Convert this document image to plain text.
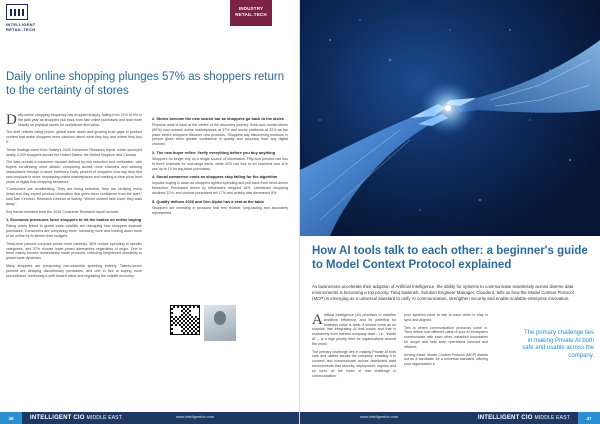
INTELLIGENT
RETAIL.TECH
INDUSTRY
RETAIL.TECH
Daily online shopping plunges 57% as shoppers return to the certainty of stores

Daily online shopping frequency has dropped sharply, falling from 21% to 9% in the past year as shoppers pull back from fast online purchases and lean more heavily on physical stores for confidence and value.

The shift reflects rising prices, global trade strain and growing trust gaps in product content that make shoppers more cautious about what they buy and where they buy it.

These findings come from Salsify's 2026 Consumer Research report, which surveyed nearly 3,000 shoppers across the United States, the United Kingdom and Canada.

The data reveals a consumer mindset defined by risk reduction and verification, with buyers scrutinising more details, comparing across more channels and seeking reassurance through in-store inventory. Daily percent of shoppers now say they find new products in store, surpassing online marketplaces and marking a clear pivot from years of digital-first shopping behaviour.

"Consumers are recalibrating. They are being selective, they are verifying every detail and they expect product information that gives them confidence from the start," said Dan Kemmin, Research Director at Salsify. "Where content falls short, they walk away."

Key trends revealed from the 2026 Consumer Research report include:

1. Economic pressures force shoppers to hit the brakes on online buying

Rising prices linked to global trade volatility are reshaping how shoppers evaluate purchases. Consumers are comparing more, browsing more and holding down more of an online try to stretch their budgets.

Thirty-nine percent compare prices more carefully, 38% reduce spending in specific categories, and 37% choose lower-priced alternatives regardless of origin. One in three mainly browse domestically made products, reflecting heightened sensitivity to global trade dynamics.

Many shoppers are postponing non-essential spending entirely. Twenty-seven percent are delaying discretionary purchases, and one in five is buying more secondhand, reinforcing a shift toward value and regulating the volatile economy.

2. Stores become the new search bar as shoppers go back to the aisles

Physical retail is back at the centre of the discovery journey. Brick-and-mortar stores (60%) now outrank online marketplaces at 37% and social platforms at 32% as the place where shoppers discover new products. Shoppers say discovering products in person gives them greater confidence in quality and accuracy than any digital channel.

3. The new buyer reflex: Verify everything before you buy anything

Shoppers no longer rely on a single source of information. Fifty-four percent use two to three channels for mid-range items, while 32% use four to six channels and 11% use up to 10 for big-ticket purchases.

4. Social commerce cools as shoppers stop falling for the algorithm

Impulse buying is down as shoppers tighten spending and pull back from trend-driven behaviour. Purchases driven by influencers dropped 18%. Livestream shopping declined 12%, and product purchases fell 17% and activity was decreased 8%.

5. Quality defines 2026 and Gen Alpha has a seat at the table

Shoppers are investing in products that feel reliable, long-lasting and accurately represented.

46	INTELLIGENT CIO MIDDLE EAST	www.intelligentcio.com
How AI tools talk to each other: a beginner's guide to Model Context Protocol explained

As businesses accelerate their adoption of Artificial Intelligence, the ability for systems to communicate seamlessly across diverse data environments is becoming a top priority. Tariq Salameh, Solution Engineer Manager, Cloudera, tells us how the Model Context Protocol (MCP) is emerging as a universal standard to unify AI communication, strengthen security and enable scalable enterprise innovation.

Artificial Intelligence (AI) promises to redefine workflow efficiency, and its potential for business value is clear. It should come as no surprise that integrating AI that works and that is exclusively from internal company data – i.e., 'inside AI' – is a high priority item for organisations around the world.

The primary challenge lies in making Private AI both safe and usable across the company, enabling it to connect and communicate across distributed data environments that security, deployment, regions and so forth, at the heart of that challenge is communication:

your systems need to talk to each other to stay in sync and aligned.

This is where communication protocols come in. They define how different parts of your AI ecosystem communicate with each other, establish boundaries for scope and help keep operations focused and efficient.

Among these, Model Context Protocol (MCP) stands out as a candidate for a universal standard, offering your organisation a

The primary challenge lies in making Private AI both safe and usable across the company.
www.intelligentcio.com	INTELLIGENT CIO MIDDLE EAST	47
